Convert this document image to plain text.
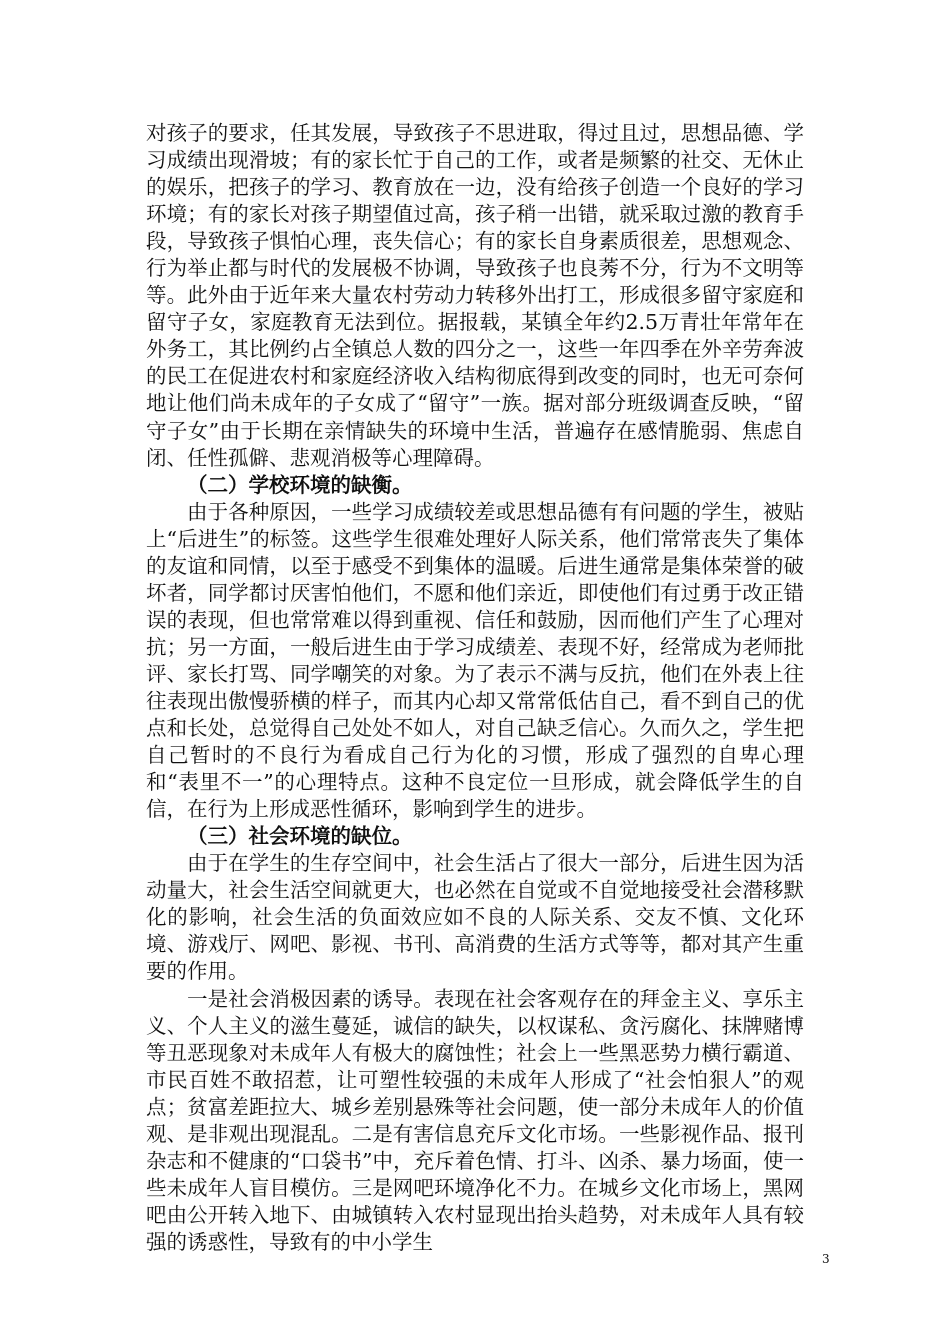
对孩子的要求，任其发展，导致孩子不思进取，得过且过，思想品德、学习成绩出现滑坡；有的家长忙于自己的工作，或者是频繁的社交、无休止的娱乐，把孩子的学习、教育放在一边，没有给孩子创造一个良好的学习环境；有的家长对孩子期望值过高，孩子稍一出错，就采取过激的教育手段，导致孩子惧怕心理，丧失信心；有的家长自身素质很差，思想观念、行为举止都与时代的发展极不协调，导致孩子也良莠不分，行为不文明等等。此外由于近年来大量农村劳动力转移外出打工，形成很多留守家庭和留守子女，家庭教育无法到位。据报载，某镇全年约2.5万青壮年常年在外务工，其比例约占全镇总人数的四分之一，这些一年四季在外辛劳奔波的民工在促进农村和家庭经济收入结构彻底得到改变的同时，也无可奈何地让他们尚未成年的子女成了“留守”一族。据对部分班级调查反映，“留守子女”由于长期在亲情缺失的环境中生活，普遍存在感情脆弱、焦虑自闭、任性孤僻、悲观消极等心理障碍。

（二）学校环境的缺衡。

由于各种原因，一些学习成绩较差或思想品德有有问题的学生，被贴上“后进生”的标签。这些学生很难处理好人际关系，他们常常丧失了集体的友谊和同情，以至于感受不到集体的温暖。后进生通常是集体荣誉的破坏者，同学都讨厌害怕他们，不愿和他们亲近，即使他们有过勇于改正错误的表现，但也常常难以得到重视、信任和鼓励，因而他们产生了心理对抗；另一方面，一般后进生由于学习成绩差、表现不好，经常成为老师批评、家长打骂、同学嘲笑的对象。为了表示不满与反抗，他们在外表上往往表现出傲慢骄横的样子，而其内心却又常常低估自己，看不到自己的优点和长处，总觉得自己处处不如人，对自己缺乏信心。久而久之，学生把自己暂时的不良行为看成自己行为化的习惯，形成了强烈的自卑心理和“表里不一”的心理特点。这种不良定位一旦形成，就会降低学生的自信，在行为上形成恶性循环，影响到学生的进步。

（三）社会环境的缺位。

由于在学生的生存空间中，社会生活占了很大一部分，后进生因为活动量大，社会生活空间就更大，也必然在自觉或不自觉地接受社会潜移默化的影响，社会生活的负面效应如不良的人际关系、交友不慎、文化环境、游戏厅、网吧、影视、书刊、高消费的生活方式等等，都对其产生重要的作用。

一是社会消极因素的诱导。表现在社会客观存在的拜金主义、享乐主义、个人主义的滋生蔓延，诚信的缺失，以权谋私、贪污腐化、抹牌赌博等丑恶现象对未成年人有极大的腐蚀性；社会上一些黑恶势力横行霸道、市民百姓不敢招惹，让可塑性较强的未成年人形成了“社会怕狠人”的观点；贫富差距拉大、城乡差别悬殊等社会问题，使一部分未成年人的价值观、是非观出现混乱。二是有害信息充斥文化市场。一些影视作品、报刊杂志和不健康的“口袋书”中，充斥着色情、打斗、凶杀、暴力场面，使一些未成年人盲目模仿。三是网吧环境净化不力。在城乡文化市场上，黑网吧由公开转入地下、由城镇转入农村显现出抬头趋势，对未成年人具有较强的诱惑性，导致有的中小学生

3
